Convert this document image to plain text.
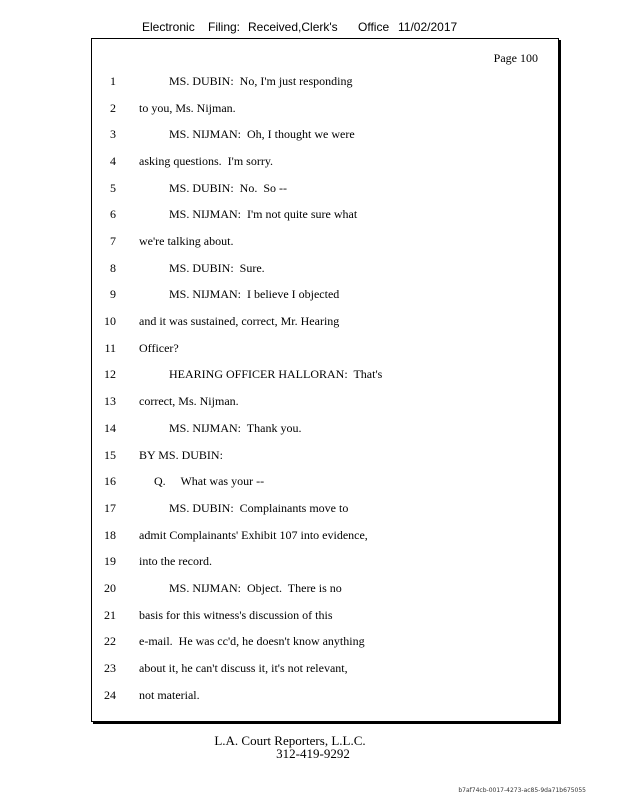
Electronic Filing: Received,Clerk's Office 11/02/2017
Page 100
1 MS. DUBIN:  No, I'm just responding
2 to you, Ms. Nijman.
3 MS. NIJMAN:  Oh, I thought we were
4 asking questions.  I'm sorry.
5 MS. DUBIN:  No.  So --
6 MS. NIJMAN:  I'm not quite sure what
7 we're talking about.
8 MS. DUBIN:  Sure.
9 MS. NIJMAN:  I believe I objected
10 and it was sustained, correct, Mr. Hearing
11 Officer?
12 HEARING OFFICER HALLORAN:  That's
13 correct, Ms. Nijman.
14 MS. NIJMAN:  Thank you.
15 BY MS. DUBIN:
16 Q.     What was your --
17 MS. DUBIN:  Complainants move to
18 admit Complainants' Exhibit 107 into evidence,
19 into the record.
20 MS. NIJMAN:  Object.  There is no
21 basis for this witness's discussion of this
22 e-mail.  He was cc'd, he doesn't know anything
23 about it, he can't discuss it, it's not relevant,
24 not material.
L.A. Court Reporters, L.L.C.
312-419-9292
b7af74cb-0017-4273-ac85-9da71b675055
